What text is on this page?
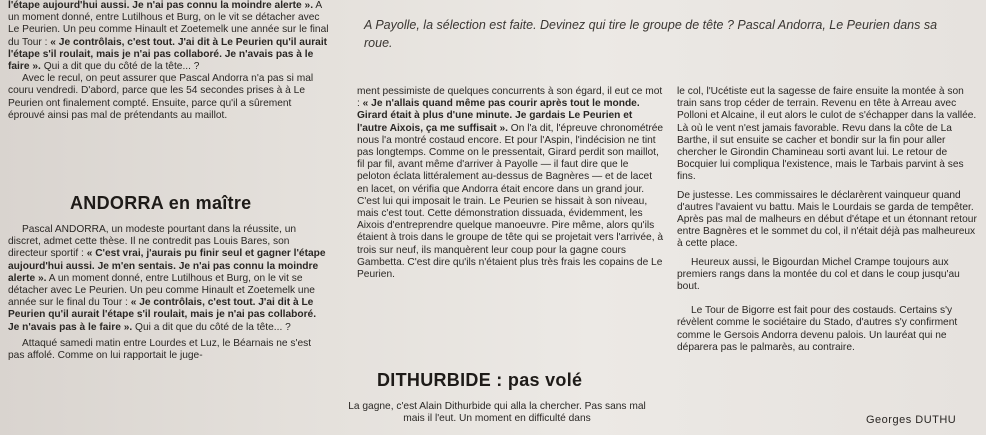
l'étape aujourd'hui aussi. Je n'ai pas connu la moindre alerte ». A un moment donné, entre Lutilhous et Burg, on le vit se détacher avec Le Peurien. Un peu comme Hinault et Zoetemelk une année sur le final du Tour : « Je contrôlais, c'est tout. J'ai dit à Le Peurien qu'il aurait l'étape s'il roulait, mais je n'ai pas collaboré. Je n'avais pas à le faire ». Qui a dit que du côté de la tête... ?

Avec le recul, on peut assurer que Pascal Andorra n'a pas si mal couru vendredi. D'abord, parce que les 54 secondes prises à à Le Peurien ont finalement compté. Ensuite, parce qu'il a sûrement éprouvé ainsi pas mal de prétendants au maillot.

A Payolle, la sélection est faite. Devinez qui tire le groupe de tête ? Pascal Andorra, Le Peurien dans sa roue.
ANDORRA en maître

Pascal ANDORRA, un modeste pourtant dans la réussite, un discret, admet cette thèse. Il ne contredit pas Louis Bares, son directeur sportif : « C'est vrai, j'aurais pu finir seul et gagner l'étape aujourd'hui aussi. Je m'en sentais. Je n'ai pas connu la moindre alerte ». A un moment donné, entre Lutilhous et Burg, on le vit se détacher avec Le Peurien. Un peu comme Hinault et Zoetemelk une année sur le final du Tour : « Je contrôlais, c'est tout. J'ai dit à Le Peurien qu'il aurait l'étape s'il roulait, mais je n'ai pas collaboré. Je n'avais pas à le faire ». Qui a dit que du côté de la tête... ?

Attaqué samedi matin entre Lourdes et Luz, le Béarnais ne s'est pas affolé. Comme on lui rapportait le juge-

ment pessimiste de quelques concurrents à son égard, il eut ce mot : « Je n'allais quand même pas courir après tout le monde. Girard était à plus d'une minute. Je gardais Le Peurien et l'autre Aixois, ça me suffisait ». On l'a dit, l'épreuve chronométrée nous l'a montré costaud encore. Et pour l'Aspin, l'indécision ne tint pas longtemps. Comme on le pressentait, Girard perdit son maillot, fil par fil, avant même d'arriver à Payolle — il faut dire que le peloton éclata littéralement au-dessus de Bagnères — et de lacet en lacet, on vérifia que Andorra était encore dans un grand jour. C'est lui qui imposait le train. Le Peurien se hissait à son niveau, mais c'est tout. Cette démonstration dissuada, évidemment, les Aixois d'entreprendre quelque manoeuvre. Pire même, alors qu'ils étaient à trois dans le groupe de tête qui se projetait vers l'arrivée, à trois sur neuf, ils manquèrent leur coup pour la gagne cours Gambetta. C'est dire qu'ils n'étaient plus très frais les copains de Le Peurien.

DITHURBIDE : pas volé

La gagne, c'est Alain Dithurbide qui alla la chercher. Pas sans mal mais il l'eut. Un moment en difficulté dans

le col, l'Ucétiste eut la sagesse de faire ensuite la montée à son train sans trop céder de terrain. Revenu en tête à Arreau avec Polloni et Alcaine, il eut alors le culot de s'échapper dans la vallée. Là où le vent n'est jamais favorable. Revu dans la côte de La Barthe, il sut ensuite se cacher et bondir sur la fin pour aller chercher le Girondin Chamineau sorti avant lui. Le retour de Bocquier lui compliqua l'existence, mais le Tarbais parvint à ses fins.

De justesse. Les commissaires le déclarèrent vainqueur quand d'autres l'avaient vu battu. Mais le Lourdais se garda de tempêter. Après pas mal de malheurs en début d'étape et un étonnant retour entre Bagnères et le sommet du col, il n'était déjà pas malheureux à cette place.

Heureux aussi, le Bigourdan Michel Crampe toujours aux premiers rangs dans la montée du col et dans le coup jusqu'au bout.

Le Tour de Bigorre est fait pour des costauds. Certains s'y révèlent comme le sociétaire du Stado, d'autres s'y confirment comme le Gersois Andorra devenu palois. Un lauréat qui ne déparera pas le palmarès, au contraire.

Georges DUTHU
